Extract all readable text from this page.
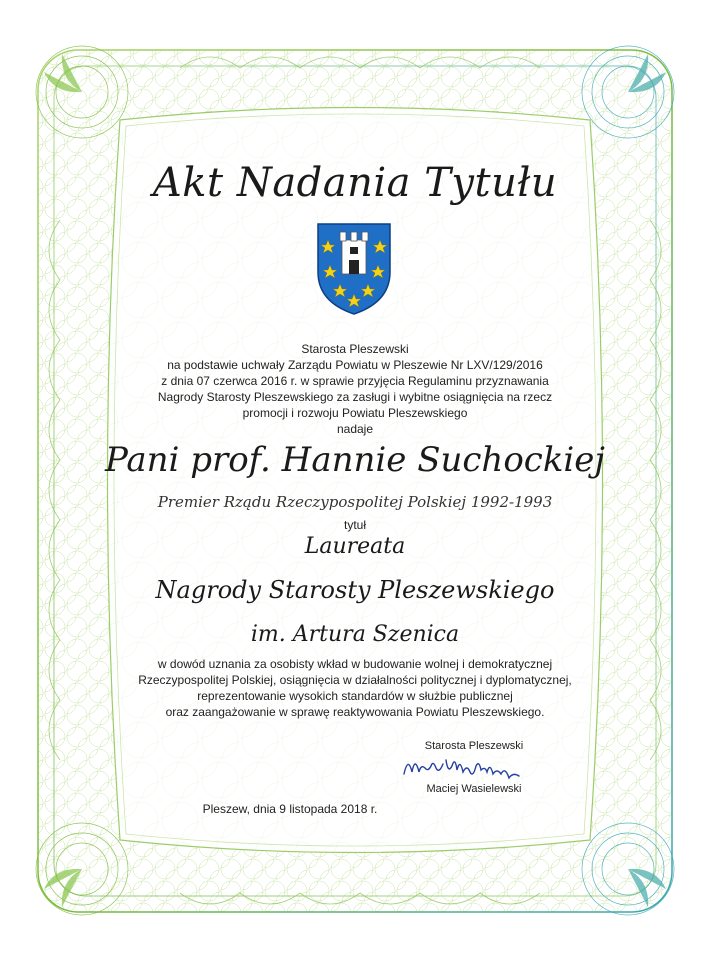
Akt Nadania Tytułu
Starosta Pleszewski
na podstawie uchwały Zarządu Powiatu w Pleszewie Nr LXV/129/2016
z dnia 07 czerwca 2016 r. w sprawie przyjęcia Regulaminu przyznawania
Nagrody Starosty Pleszewskiego za zasługi i wybitne osiągnięcia na rzecz
promocji i rozwoju Powiatu Pleszewskiego
nadaje
Pani prof. Hannie Suchockiej
Premier Rządu Rzeczypospolitej Polskiej 1992-1993
tytuł
Laureata
Nagrody Starosty Pleszewskiego
im. Artura Szenica
w dowód uznania za osobisty wkład w budowanie wolnej i demokratycznej
Rzeczypospolitej Polskiej, osiągnięcia w działalności politycznej i dyplomatycznej,
reprezentowanie wysokich standardów w służbie publicznej
oraz zaangażowanie w sprawę reaktywowania Powiatu Pleszewskiego.
Starosta Pleszewski
Maciej Wasielewski
Pleszew, dnia 9 listopada 2018 r.
